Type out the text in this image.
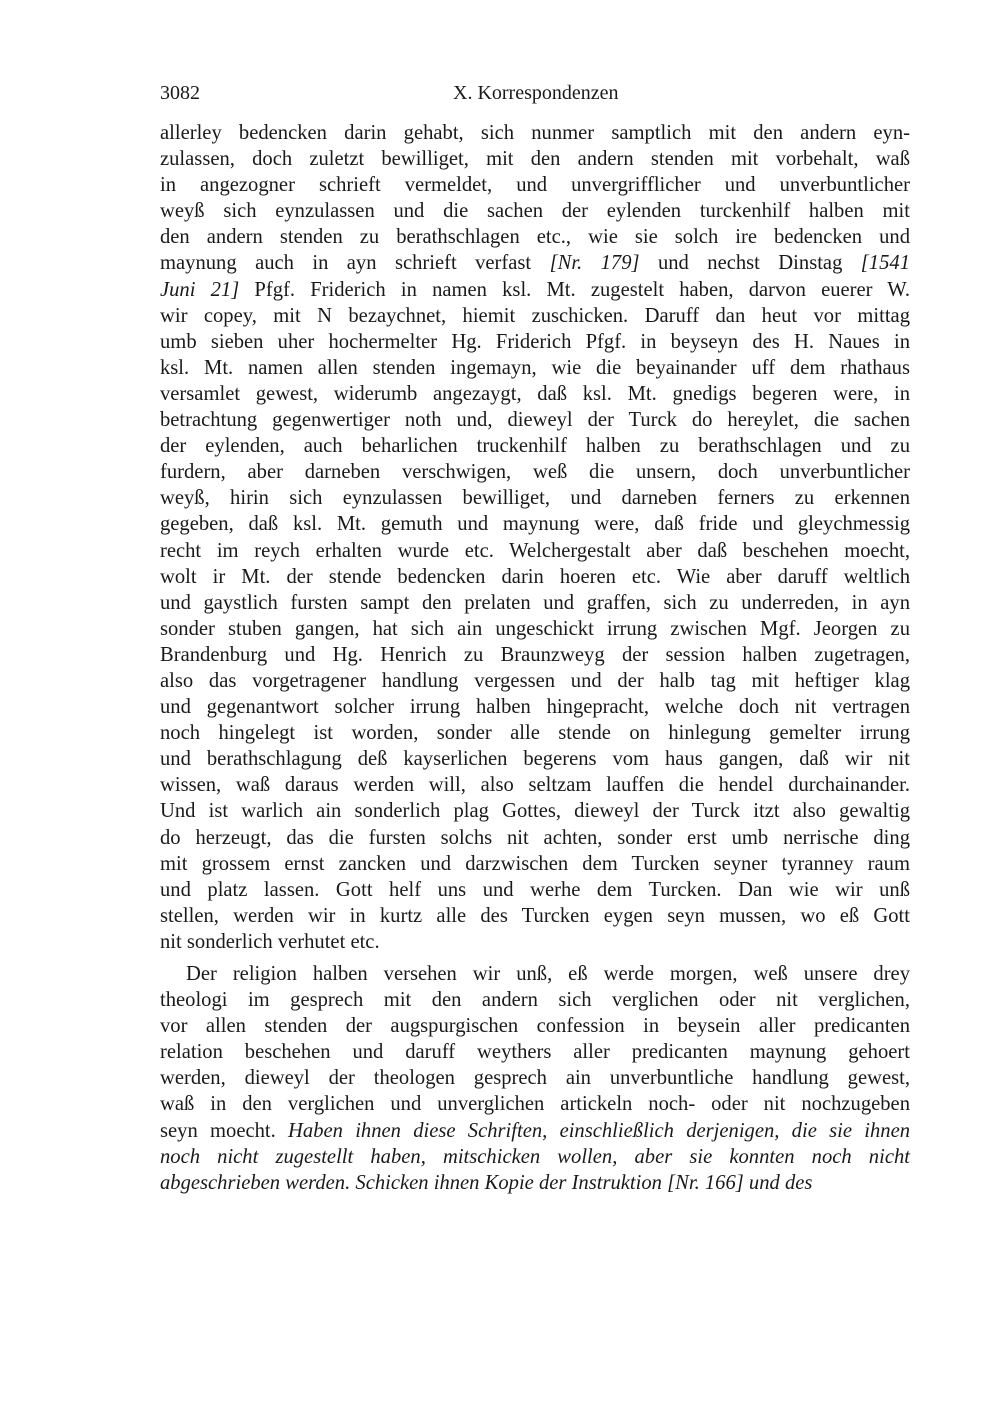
3082	X. Korrespondenzen
allerley bedencken darin gehabt, sich nunmer samptlich mit den andern eyn-
zulassen, doch zuletzt bewilliget, mit den andern stenden mit vorbehalt, waß
in angezogner schrieft vermeldet, und unvergrifflicher und unverbuntlicher
weyß sich eynzulassen und die sachen der eylenden turckenhilf halben mit
den andern stenden zu berathschlagen etc., wie sie solch ire bedencken und
maynung auch in ayn schrieft verfast [Nr. 179] und nechst Dinstag [1541
Juni 21] Pfgf. Friderich in namen ksl. Mt. zugestelt haben, darvon euerer W.
wir copey, mit N bezaychnet, hiemit zuschicken. Daruff dan heut vor mittag
umb sieben uher hochermelter Hg. Friderich Pfgf. in beyseyn des H. Naues in
ksl. Mt. namen allen stenden ingemayn, wie die beyainander uff dem rhathaus
versamlet gewest, widerumb angezaygt, daß ksl. Mt. gnedigs begeren were, in
betrachtung gegenwertiger noth und, dieweyl der Turck do hereylet, die sachen
der eylenden, auch beharlichen truckenhilf halben zu berathschlagen und zu
furdern, aber darneben verschwigen, weß die unsern, doch unverbuntlicher
weyß, hirin sich eynzulassen bewilliget, und darneben ferners zu erkennen
gegeben, daß ksl. Mt. gemuth und maynung were, daß fride und gleychmessig
recht im reych erhalten wurde etc. Welchergestalt aber daß beschehen moecht,
wolt ir Mt. der stende bedencken darin hoeren etc. Wie aber daruff weltlich
und gaystlich fursten sampt den prelaten und graffen, sich zu underreden, in ayn
sonder stuben gangen, hat sich ain ungeschickt irrung zwischen Mgf. Jeorgen zu
Brandenburg und Hg. Henrich zu Braunzweyg der session halben zugetragen,
also das vorgetragener handlung vergessen und der halb tag mit heftiger klag
und gegenantwort solcher irrung halben hingepracht, welche doch nit vertragen
noch hingelegt ist worden, sonder alle stende on hinlegung gemelter irrung
und berathschlagung deß kayserlichen begerens vom haus gangen, daß wir nit
wissen, waß daraus werden will, also seltzam lauffen die hendel durchainander.
Und ist warlich ain sonderlich plag Gottes, dieweyl der Turck itzt also gewaltig
do herzeugt, das die fursten solchs nit achten, sonder erst umb nerrische ding
mit grossem ernst zancken und darzwischen dem Turcken seyner tyranney raum
und platz lassen. Gott helf uns und werhe dem Turcken. Dan wie wir unß
stellen, werden wir in kurtz alle des Turcken eygen seyn mussen, wo eß Gott
nit sonderlich verhutet etc.
Der religion halben versehen wir unß, eß werde morgen, weß unsere drey
theologi im gesprech mit den andern sich verglichen oder nit verglichen,
vor allen stenden der augspurgischen confession in beysein aller predicanten
relation beschehen und daruff weythers aller predicanten maynung gehoert
werden, dieweyl der theologen gesprech ain unverbuntliche handlung gewest,
waß in den verglichen und unverglichen artickeln noch- oder nit nochzugeben
seyn moecht. Haben ihnen diese Schriften, einschließlich derjenigen, die sie ihnen
noch nicht zugestellt haben, mitschicken wollen, aber sie konnten noch nicht
abgeschrieben werden. Schicken ihnen Kopie der Instruktion [Nr. 166] und des
